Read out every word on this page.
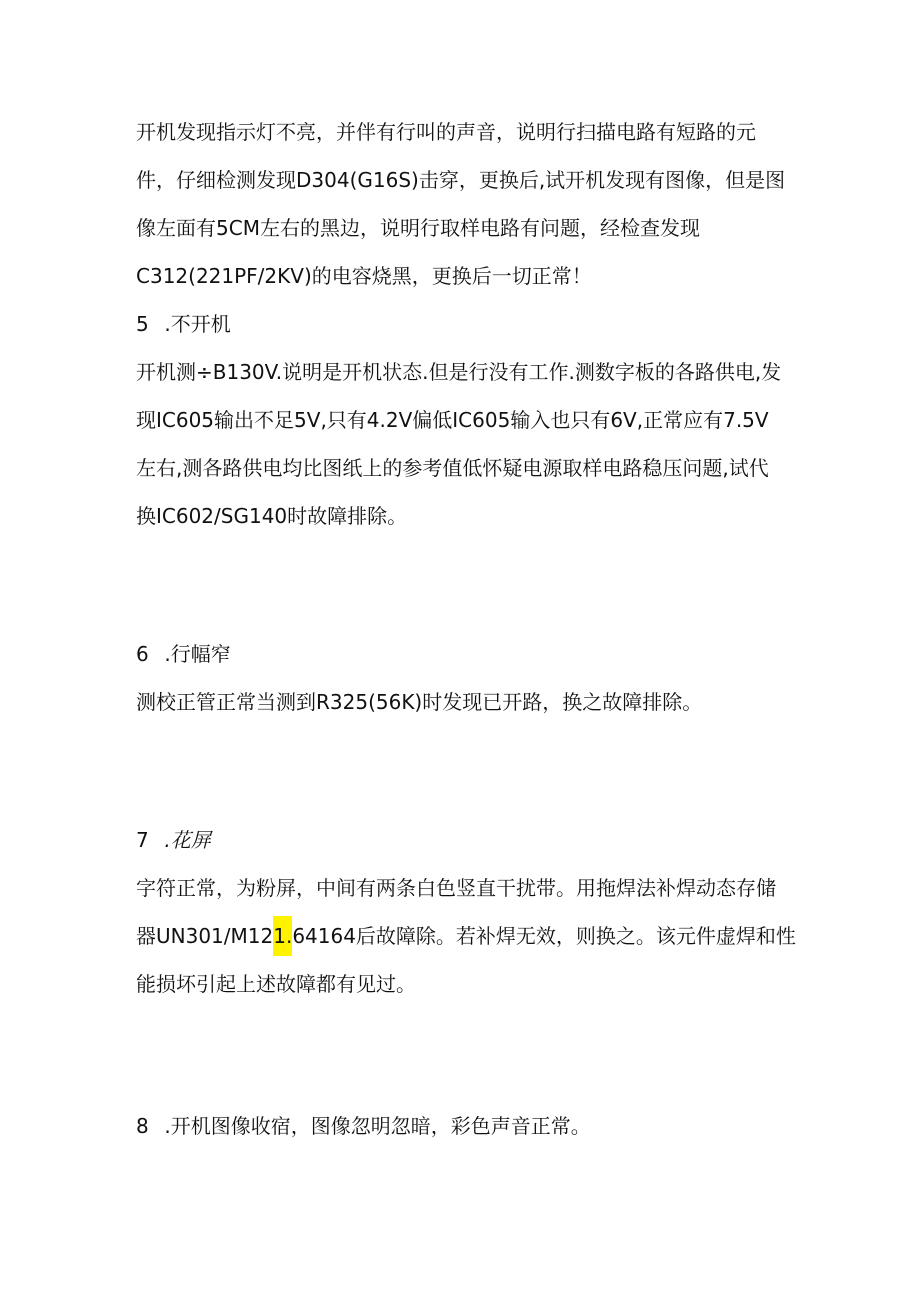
开机发现指示灯不亮，并伴有行叫的声音，说明行扫描电路有短路的元
件，仔细检测发现D304(G16S)击穿，更换后,试开机发现有图像，但是图
像左面有5CM左右的黑边，说明行取样电路有问题，经检查发现
C312(221PF/2KV)的电容烧黑，更换后一切正常！
5 .不开机
开机测÷B130V.说明是开机状态.但是行没有工作.测数字板的各路供电,发
现IC605输出不足5V,只有4.2V偏低IC605输入也只有6V,正常应有7.5V
左右,测各路供电均比图纸上的参考值低怀疑电源取样电路稳压问题,试代
换IC602/SG140时故障排除。
6 .行幅窄
测校正管正常当测到R325(56K)时发现已开路，换之故障排除。
7 .花屏
字符正常，为粉屏，中间有两条白色竖直干扰带。用拖焊法补焊动态存储
器UN301/M121.64164后故障除。若补焊无效，则换之。该元件虚焊和性
能损坏引起上述故障都有见过。
8 .开机图像收宿，图像忽明忽暗，彩色声音正常。
